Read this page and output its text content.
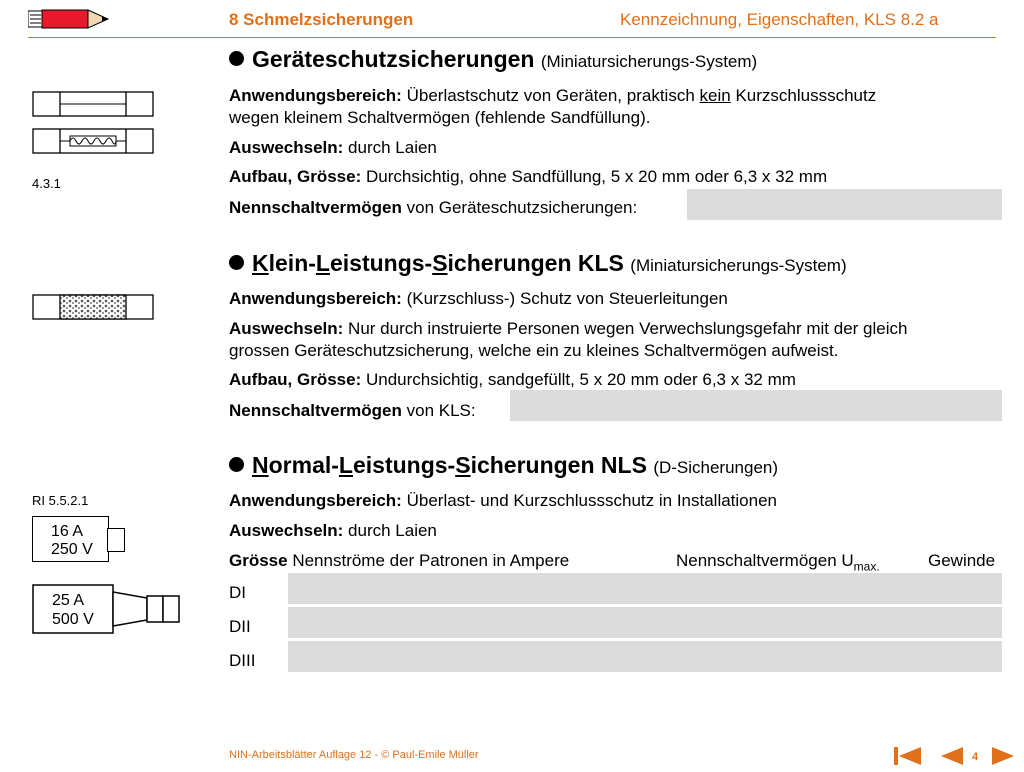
8 Schmelzsicherungen	Kennzeichnung, Eigenschaften, KLS 8.2 a
Geräteschutzsicherungen (Miniatursicherungs-System)
4.3.1
Anwendungsbereich: Überlastschutz von Geräten, praktisch kein Kurzschlussschutz
wegen kleinem Schaltvermögen (fehlende Sandfüllung).
Auswechseln: durch Laien
Aufbau, Grösse: Durchsichtig, ohne Sandfüllung, 5 x 20 mm oder 6,3 x 32 mm
Nennschaltvermögen von Geräteschutzsicherungen:
Klein-Leistungs-Sicherungen KLS (Miniatursicherungs-System)
Anwendungsbereich: (Kurzschluss-) Schutz von Steuerleitungen
Auswechseln: Nur durch instruierte Personen wegen Verwechslungsgefahr mit der gleich
grossen Geräteschutzsicherung, welche ein zu kleines Schaltvermögen aufweist.
Aufbau, Grösse: Undurchsichtig, sandgefüllt, 5 x 20 mm oder 6,3 x 32 mm
Nennschaltvermögen von KLS:
Normal-Leistungs-Sicherungen NLS (D-Sicherungen)
RI 5.5.2.1
16 A
250 V
25 A
500 V
Anwendungsbereich: Überlast- und Kurzschlussschutz in Installationen
Auswechseln: durch Laien
Grösse Nennströme der Patronen in Ampere	Nennschaltvermögen $U_{max.}$	Gewinde
DI
DII
DIII
NIN-Arbeitsblätter Auflage 12 - © Paul-Emile Müller	4
